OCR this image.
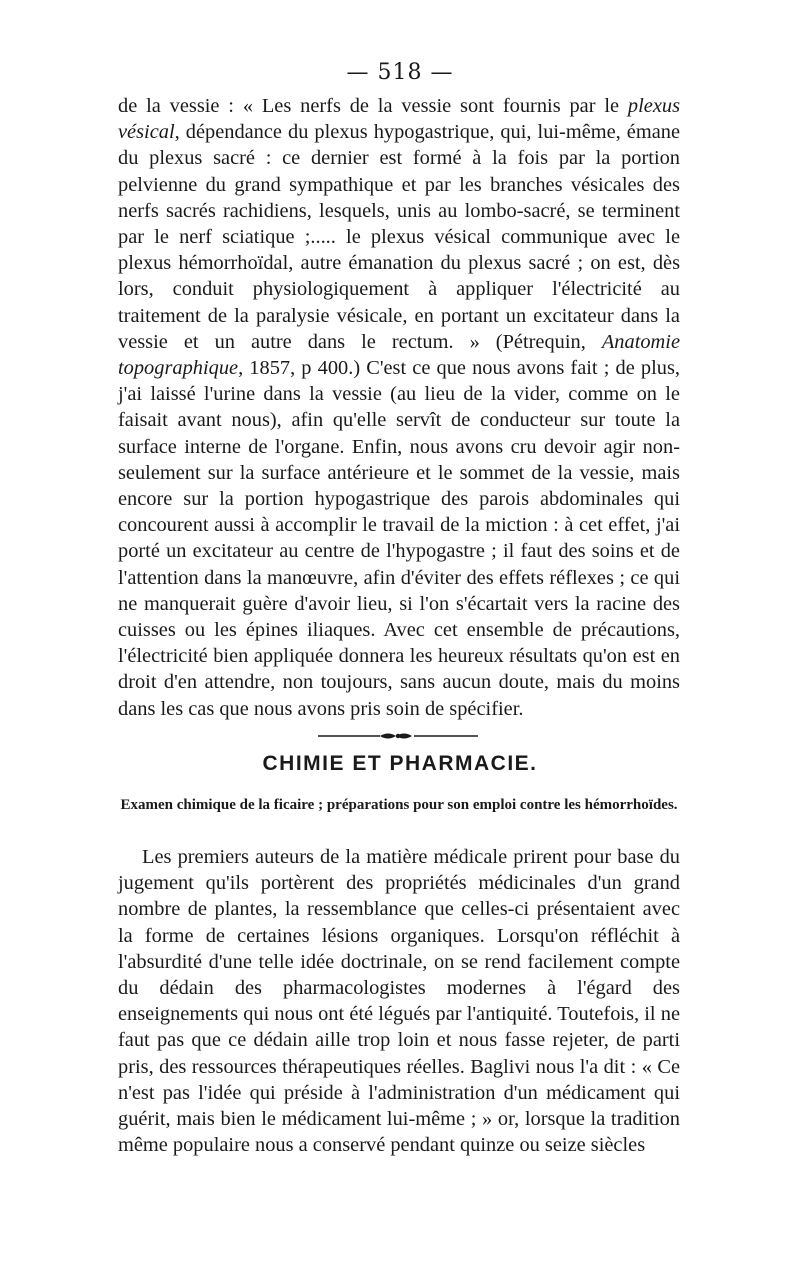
— 518 —

de la vessie : « Les nerfs de la vessie sont fournis par le plexus vésical, dépendance du plexus hypogastrique, qui, lui-même, émane du plexus sacré : ce dernier est formé à la fois par la portion pelvienne du grand sympathique et par les branches vésicales des nerfs sacrés rachidiens, lesquels, unis au lombo-sacré, se terminent par le nerf sciatique ;..... le plexus vésical communique avec le plexus hémorrhoïdal, autre émanation du plexus sacré ; on est, dès lors, conduit physiologiquement à appliquer l'électricité au traitement de la paralysie vésicale, en portant un excitateur dans la vessie et un autre dans le rectum. » (Pétrequin, Anatomie topographique, 1857, p 400.) C'est ce que nous avons fait ; de plus, j'ai laissé l'urine dans la vessie (au lieu de la vider, comme on le faisait avant nous), afin qu'elle servît de conducteur sur toute la surface interne de l'organe. Enfin, nous avons cru devoir agir non-seulement sur la surface antérieure et le sommet de la vessie, mais encore sur la portion hypogastrique des parois abdominales qui concourent aussi à accomplir le travail de la miction : à cet effet, j'ai porté un excitateur au centre de l'hypogastre ; il faut des soins et de l'attention dans la manœuvre, afin d'éviter des effets réflexes ; ce qui ne manquerait guère d'avoir lieu, si l'on s'écartait vers la racine des cuisses ou les épines iliaques. Avec cet ensemble de précautions, l'électricité bien appliquée donnera les heureux résultats qu'on est en droit d'en attendre, non toujours, sans aucun doute, mais du moins dans les cas que nous avons pris soin de spécifier.

CHIMIE ET PHARMACIE.
Examen chimique de la ficaire ; préparations pour son emploi contre les hémorrhoïdes.

Les premiers auteurs de la matière médicale prirent pour base du jugement qu'ils portèrent des propriétés médicinales d'un grand nombre de plantes, la ressemblance que celles-ci présentaient avec la forme de certaines lésions organiques. Lorsqu'on réfléchit à l'absurdité d'une telle idée doctrinale, on se rend facilement compte du dédain des pharmacologistes modernes à l'égard des enseignements qui nous ont été légués par l'antiquité. Toutefois, il ne faut pas que ce dédain aille trop loin et nous fasse rejeter, de parti pris, des ressources thérapeutiques réelles. Baglivi nous l'a dit : « Ce n'est pas l'idée qui préside à l'administration d'un médicament qui guérit, mais bien le médicament lui-même ; » or, lorsque la tradition même populaire nous a conservé pendant quinze ou seize siècles
